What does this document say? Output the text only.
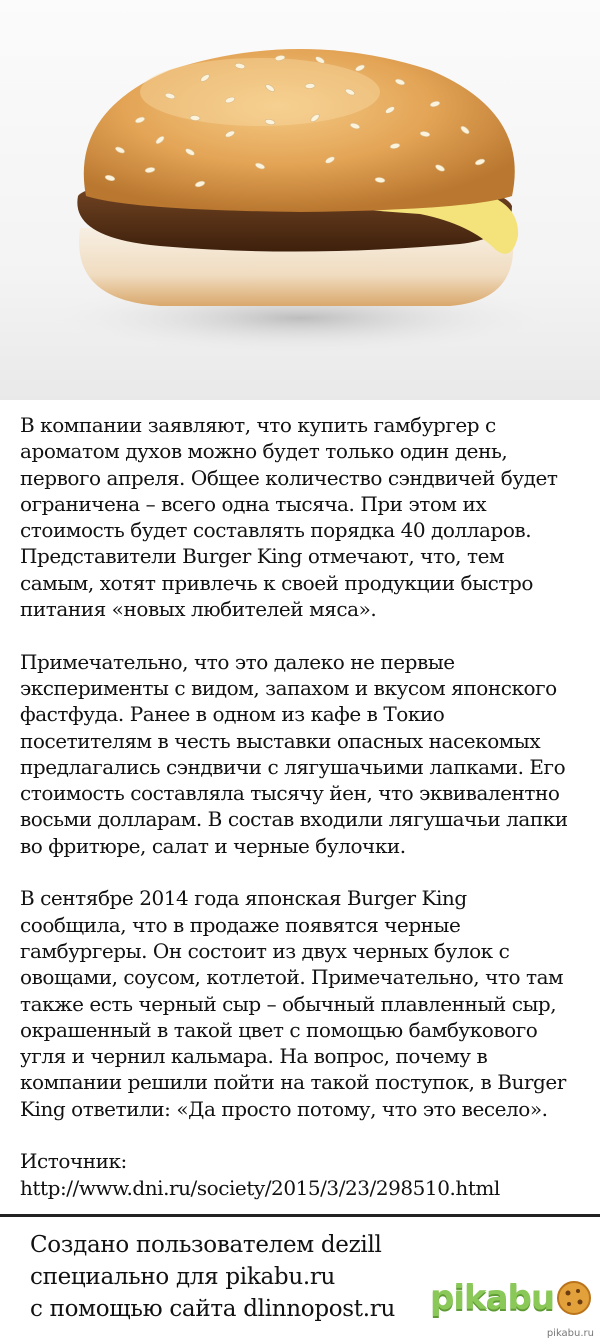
В компании заявляют, что купить гамбургер с
ароматом духов можно будет только один день,
первого апреля. Общее количество сэндвичей будет
ограничена – всего одна тысяча. При этом их
стоимость будет составлять порядка 40 долларов.
Представители Burger King отмечают, что, тем
самым, хотят привлечь к своей продукции быстро
питания «новых любителей мяса».

Примечательно, что это далеко не первые
эксперименты с видом, запахом и вкусом японского
фастфуда. Ранее в одном из кафе в Токио
посетителям в честь выставки опасных насекомых
предлагались сэндвичи с лягушачьими лапками. Его
стоимость составляла тысячу йен, что эквивалентно
восьми долларам. В состав входили лягушачьи лапки
во фритюре, салат и черные булочки.

В сентябре 2014 года японская Burger King
сообщила, что в продаже появятся черные
гамбургеры. Он состоит из двух черных булок с
овощами, соусом, котлетой. Примечательно, что там
также есть черный сыр – обычный плавленный сыр,
окрашенный в такой цвет с помощью бамбукового
угля и чернил кальмара. На вопрос, почему в
компании решили пойти на такой поступок, в Burger
King ответили: «Да просто потому, что это весело».

Источник:
http://www.dni.ru/society/2015/3/23/298510.html
Создано пользователем dezill
специально для pikabu.ru
с помощью сайта dlinnopost.ru	pikabu
pikabu.ru
